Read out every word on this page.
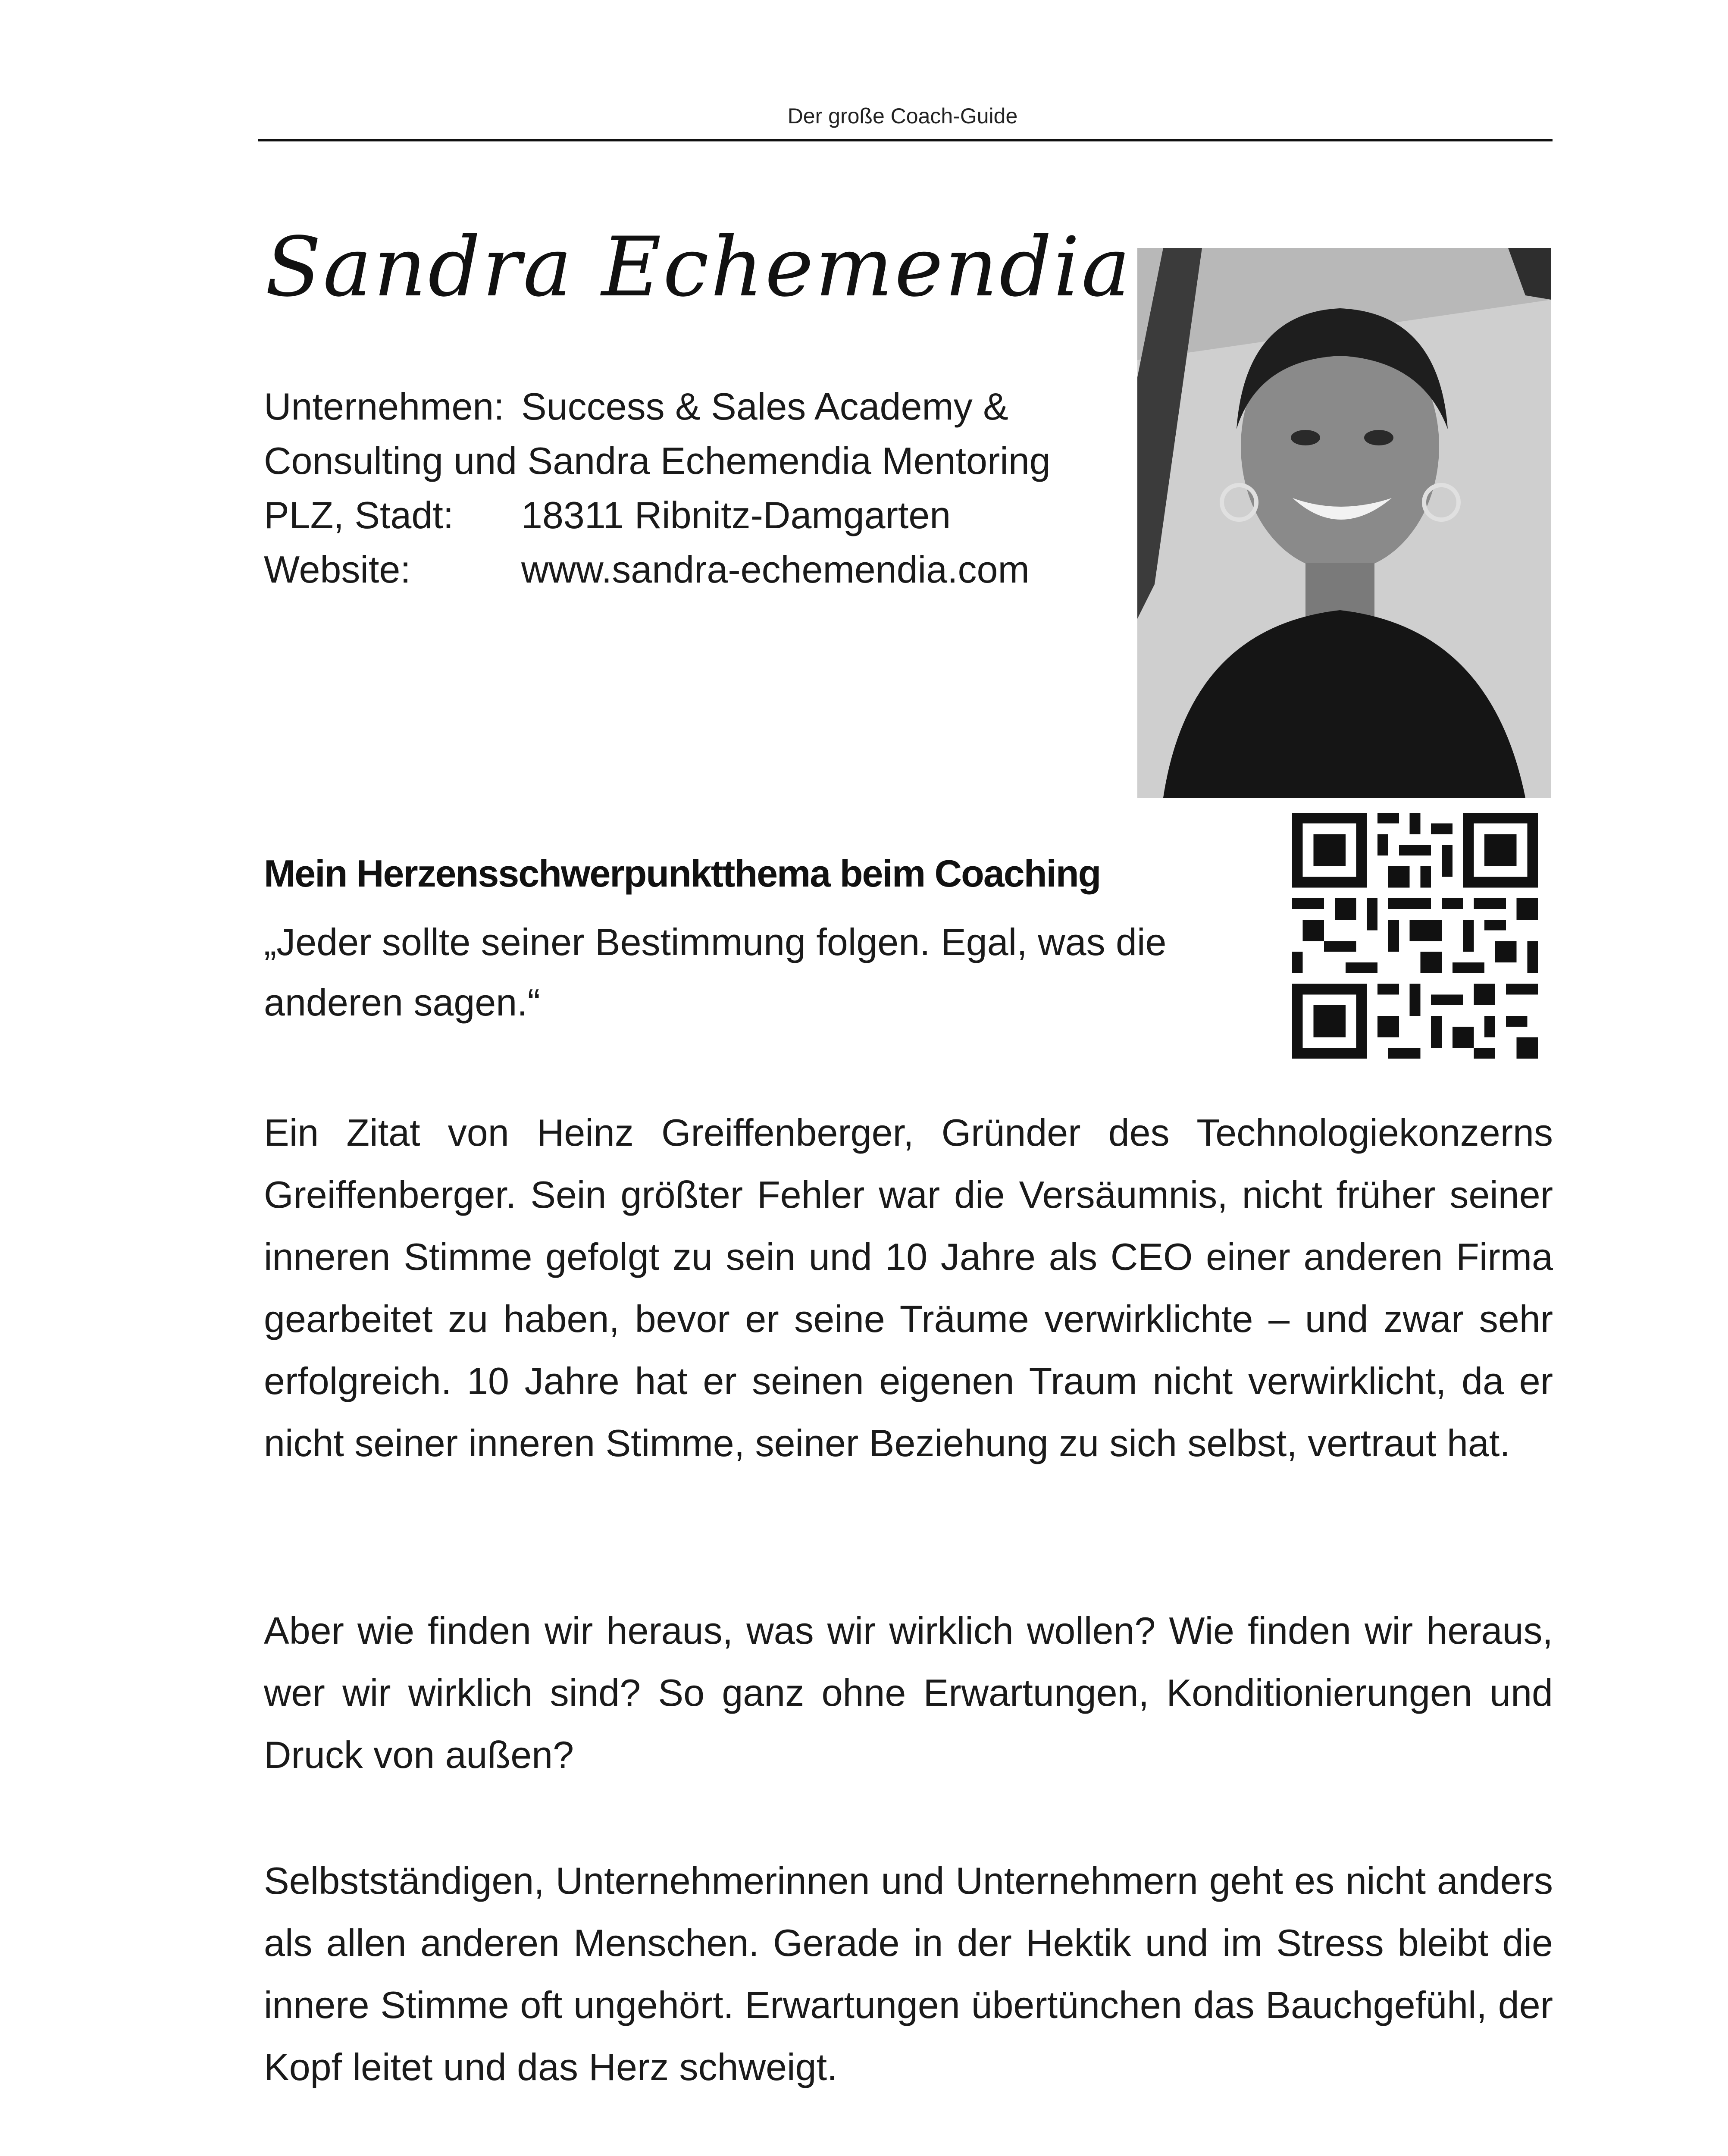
Der große Coach-Guide
Sandra Echemendia
Unternehmen: Success & Sales Academy &
Consulting und Sandra Echemendia Mentoring
PLZ, Stadt: 18311 Ribnitz-Damgarten
Website:	www.sandra-echemendia.com
Mein Herzensschwerpunktthema beim Coaching
„Jeder sollte seiner Bestimmung folgen. Egal, was die anderen sagen.“
Ein Zitat von Heinz Greiffenberger, Gründer des Technologiekonzerns Greiffenberger. Sein größter Fehler war die Versäumnis, nicht früher seiner inneren Stimme gefolgt zu sein und 10 Jahre als CEO einer anderen Firma gearbeitet zu haben, bevor er seine Träume verwirklichte – und zwar sehr erfolgreich. 10 Jahre hat er seinen eigenen Traum nicht verwirklicht, da er nicht seiner inneren Stimme, seiner Beziehung zu sich selbst, vertraut hat.
Aber wie finden wir heraus, was wir wirklich wollen? Wie finden wir heraus, wer wir wirklich sind? So ganz ohne Erwartungen, Konditionierungen und Druck von außen?
Selbstständigen, Unternehmerinnen und Unternehmern geht es nicht anders als allen anderen Menschen. Gerade in der Hektik und im Stress bleibt die innere Stimme oft ungehört. Erwartungen übertünchen das Bauchgefühl, der Kopf leitet und das Herz schweigt.
